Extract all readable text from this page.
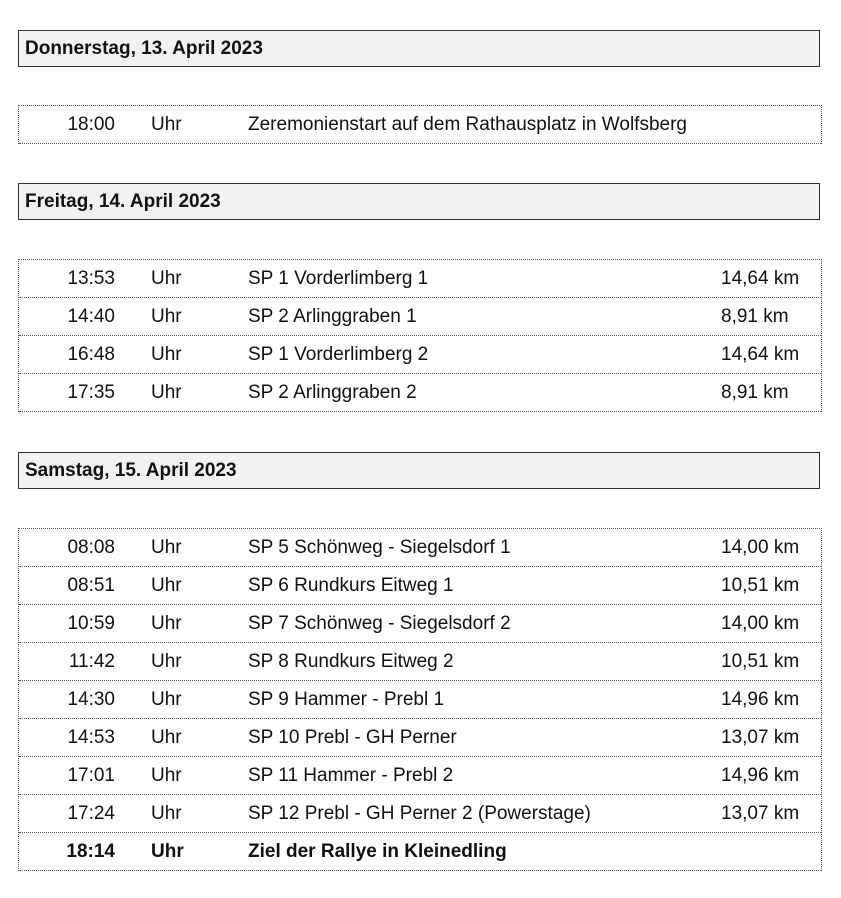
Donnerstag, 13. April 2023
18:00 Uhr	Zeremonienstart auf dem Rathausplatz in Wolfsberg
Freitag, 14. April 2023
13:53 Uhr	SP 1 Vorderlimberg 1	14,64 km
14:40 Uhr	SP 2 Arlinggraben 1	8,91 km
16:48 Uhr	SP 1 Vorderlimberg 2	14,64 km
17:35 Uhr	SP 2 Arlinggraben 2	8,91 km
Samstag, 15. April 2023
08:08 Uhr	SP 5 Schönweg - Siegelsdorf 1	14,00 km
08:51 Uhr	SP 6 Rundkurs Eitweg 1	10,51 km
10:59 Uhr	SP 7 Schönweg - Siegelsdorf 2	14,00 km
11:42 Uhr	SP 8 Rundkurs Eitweg 2	10,51 km
14:30 Uhr	SP 9 Hammer - Prebl 1	14,96 km
14:53 Uhr	SP 10 Prebl - GH Perner	13,07 km
17:01 Uhr	SP 11 Hammer - Prebl 2	14,96 km
17:24 Uhr	SP 12 Prebl - GH Perner 2 (Powerstage)	13,07 km
18:14 Uhr	Ziel der Rallye in Kleinedling
